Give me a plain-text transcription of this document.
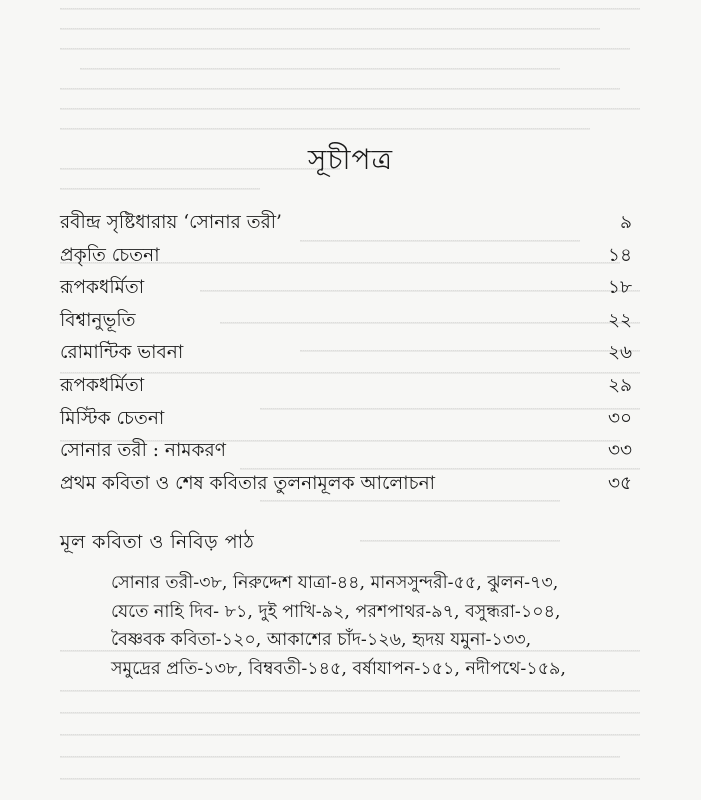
সূচীপত্র
রবীন্দ্র সৃষ্টিধারায় ‘সোনার তরী’	৯
প্রকৃতি চেতনা	১৪
রূপকধর্মিতা	১৮
বিশ্বানুভূতি	২২
রোমান্টিক ভাবনা	২৬
রূপকধর্মিতা	২৯
মিস্টিক চেতনা	৩০
সোনার তরী : নামকরণ	৩৩
প্রথম কবিতা ও শেষ কবিতার তুলনামূলক আলোচনা	৩৫
মূল কবিতা ও নিবিড় পাঠ
সোনার তরী-৩৮, নিরুদ্দেশ যাত্রা-৪৪, মানসসুন্দরী-৫৫, ঝুলন-৭৩,
যেতে নাহি দিব- ৮১, দুই পাখি-৯২, পরশপাথর-৯৭, বসুন্ধরা-১০৪,
বৈষ্ণবক কবিতা-১২০, আকাশের চাঁদ-১২৬, হৃদয় যমুনা-১৩৩,
সমুদ্রের প্রতি-১৩৮, বিম্ববতী-১৪৫, বর্ষাযাপন-১৫১, নদীপথে-১৫৯,
